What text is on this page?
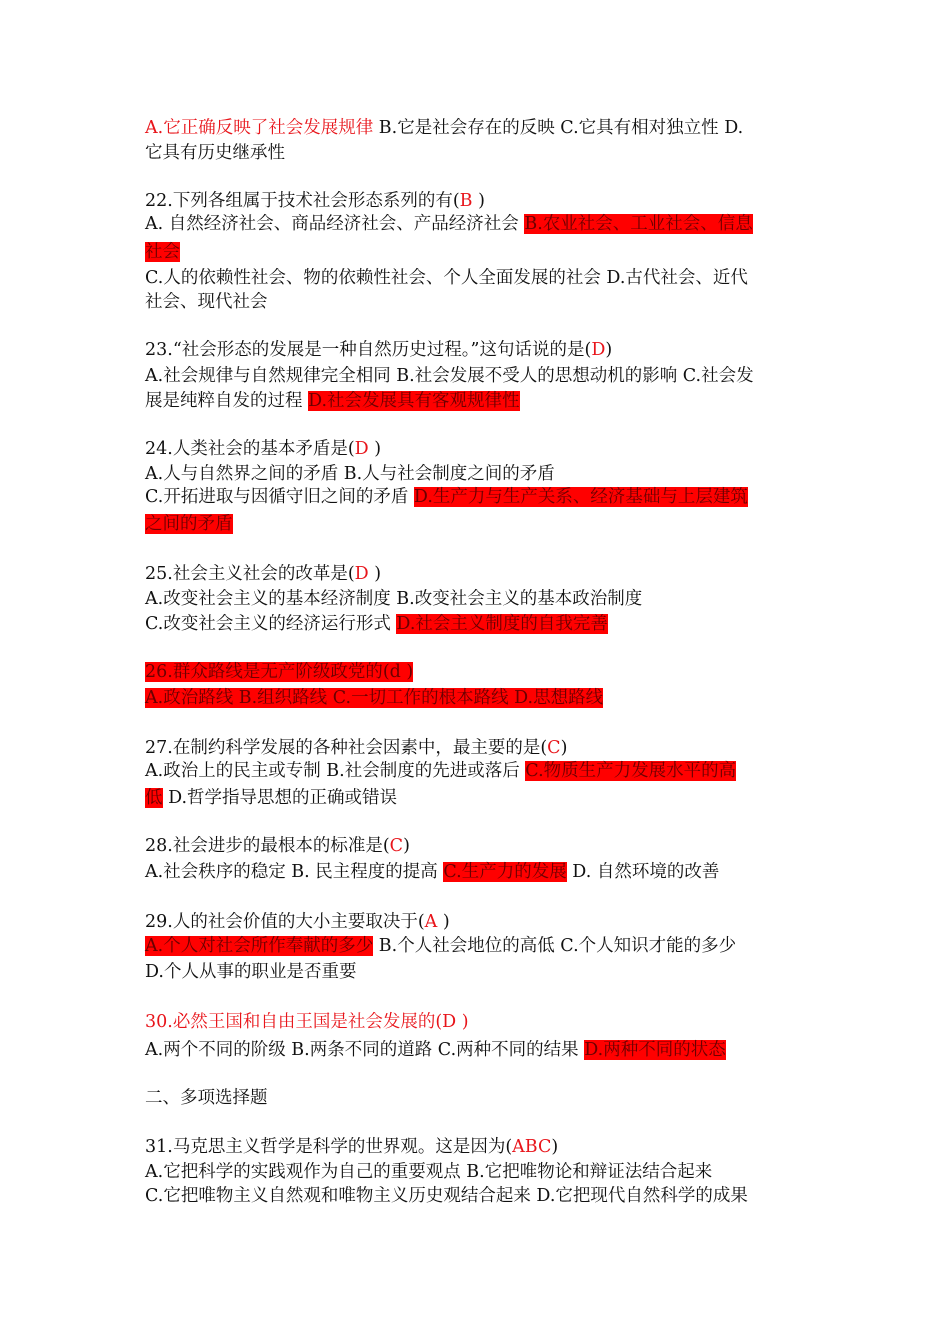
A.它正确反映了社会发展规律 B.它是社会存在的反映 C.它具有相对独立性 D.
它具有历史继承性
22.下列各组属于技术社会形态系列的有(B )
A. 自然经济社会、商品经济社会、产品经济社会 B.农业社会、工业社会、信息
社会
C.人的依赖性社会、物的依赖性社会、个人全面发展的社会 D.古代社会、近代
社会、现代社会
23.“社会形态的发展是一种自然历史过程。”这句话说的是(D)
A.社会规律与自然规律完全相同 B.社会发展不受人的思想动机的影响 C.社会发
展是纯粹自发的过程 D.社会发展具有客观规律性
24.人类社会的基本矛盾是(D )
A.人与自然界之间的矛盾 B.人与社会制度之间的矛盾
C.开拓进取与因循守旧之间的矛盾 D.生产力与生产关系、经济基础与上层建筑
之间的矛盾
25.社会主义社会的改革是(D )
A.改变社会主义的基本经济制度 B.改变社会主义的基本政治制度
C.改变社会主义的经济运行形式 D.社会主义制度的自我完善
26.群众路线是无产阶级政党的(d )
A.政治路线 B.组织路线 C.一切工作的根本路线 D.思想路线
27.在制约科学发展的各种社会因素中，最主要的是(C)
A.政治上的民主或专制 B.社会制度的先进或落后 C.物质生产力发展水平的高
低 D.哲学指导思想的正确或错误
28.社会进步的最根本的标准是(C)
A.社会秩序的稳定 B. 民主程度的提高 C.生产力的发展 D. 自然环境的改善
29.人的社会价值的大小主要取决于(A )
A.个人对社会所作奉献的多少 B.个人社会地位的高低 C.个人知识才能的多少
D.个人从事的职业是否重要
30.必然王国和自由王国是社会发展的(D )
A.两个不同的阶级 B.两条不同的道路 C.两种不同的结果 D.两种不同的状态
二、多项选择题
31.马克思主义哲学是科学的世界观。这是因为(ABC)
A.它把科学的实践观作为自己的重要观点 B.它把唯物论和辩证法结合起来
C.它把唯物主义自然观和唯物主义历史观结合起来 D.它把现代自然科学的成果
